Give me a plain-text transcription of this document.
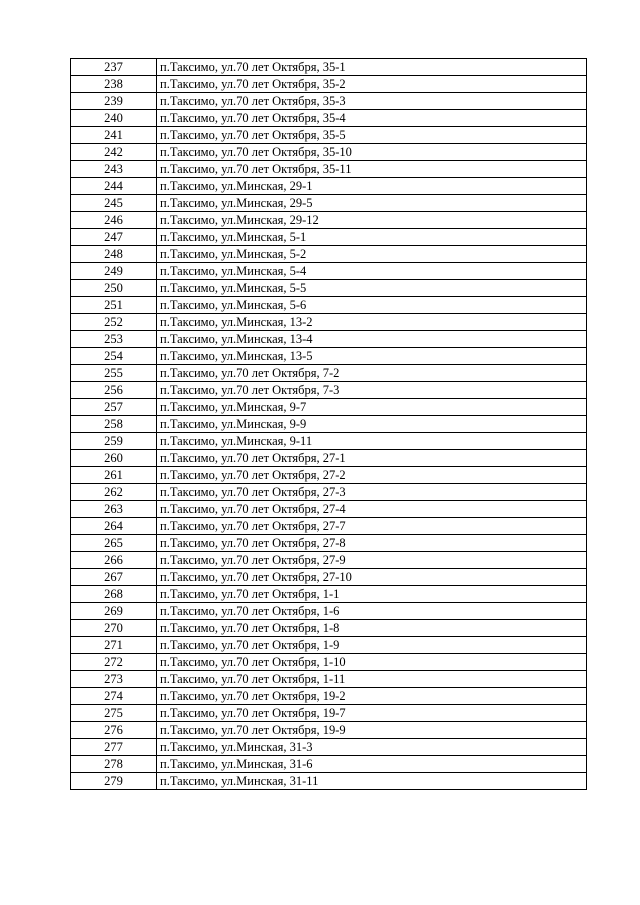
237	п.Таксимо, ул.70 лет Октября, 35-1
238	п.Таксимо, ул.70 лет Октября, 35-2
239	п.Таксимо, ул.70 лет Октября, 35-3
240	п.Таксимо, ул.70 лет Октября, 35-4
241	п.Таксимо, ул.70 лет Октября, 35-5
242	п.Таксимо, ул.70 лет Октября, 35-10
243	п.Таксимо, ул.70 лет Октября, 35-11
244	п.Таксимо, ул.Минская, 29-1
245	п.Таксимо, ул.Минская, 29-5
246	п.Таксимо, ул.Минская, 29-12
247	п.Таксимо, ул.Минская, 5-1
248	п.Таксимо, ул.Минская, 5-2
249	п.Таксимо, ул.Минская, 5-4
250	п.Таксимо, ул.Минская, 5-5
251	п.Таксимо, ул.Минская, 5-6
252	п.Таксимо, ул.Минская, 13-2
253	п.Таксимо, ул.Минская, 13-4
254	п.Таксимо, ул.Минская, 13-5
255	п.Таксимо, ул.70 лет Октября, 7-2
256	п.Таксимо, ул.70 лет Октября, 7-3
257	п.Таксимо, ул.Минская, 9-7
258	п.Таксимо, ул.Минская, 9-9
259	п.Таксимо, ул.Минская, 9-11
260	п.Таксимо, ул.70 лет Октября, 27-1
261	п.Таксимо, ул.70 лет Октября, 27-2
262	п.Таксимо, ул.70 лет Октября, 27-3
263	п.Таксимо, ул.70 лет Октября, 27-4
264	п.Таксимо, ул.70 лет Октября, 27-7
265	п.Таксимо, ул.70 лет Октября, 27-8
266	п.Таксимо, ул.70 лет Октября, 27-9
267	п.Таксимо, ул.70 лет Октября, 27-10
268	п.Таксимо, ул.70 лет Октября, 1-1
269	п.Таксимо, ул.70 лет Октября, 1-6
270	п.Таксимо, ул.70 лет Октября, 1-8
271	п.Таксимо, ул.70 лет Октября, 1-9
272	п.Таксимо, ул.70 лет Октября, 1-10
273	п.Таксимо, ул.70 лет Октября, 1-11
274	п.Таксимо, ул.70 лет Октября, 19-2
275	п.Таксимо, ул.70 лет Октября, 19-7
276	п.Таксимо, ул.70 лет Октября, 19-9
277	п.Таксимо, ул.Минская, 31-3
278	п.Таксимо, ул.Минская, 31-6
279	п.Таксимо, ул.Минская, 31-11
